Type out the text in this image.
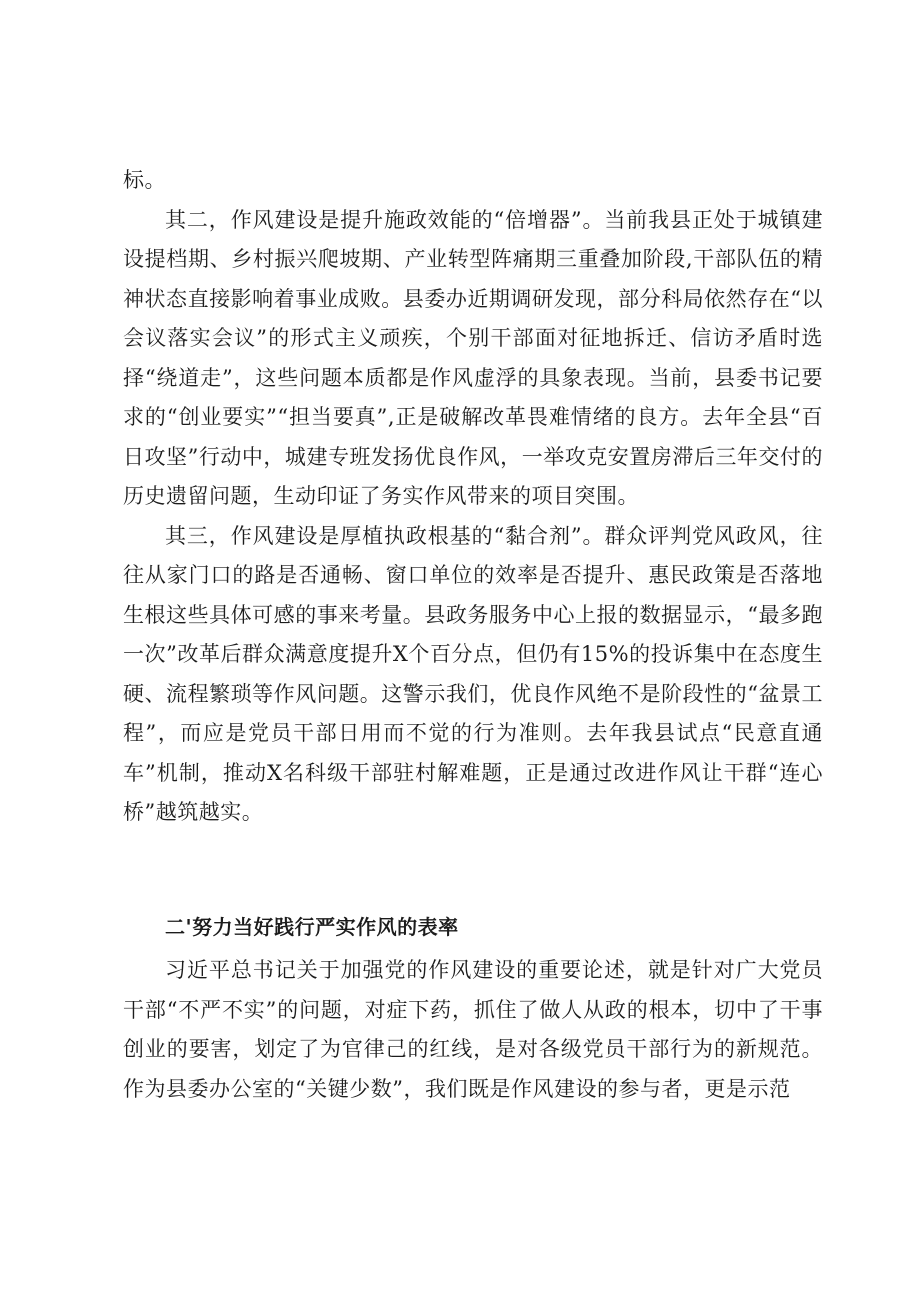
标。

其二，作风建设是提升施政效能的“倍增器”。当前我县正处于城镇建设提档期、乡村振兴爬坡期、产业转型阵痛期三重叠加阶段,干部队伍的精神状态直接影响着事业成败。县委办近期调研发现，部分科局依然存在“以会议落实会议”的形式主义顽疾，个别干部面对征地拆迁、信访矛盾时选择“绕道走”，这些问题本质都是作风虚浮的具象表现。当前，县委书记要求的“创业要实”“担当要真”,正是破解改革畏难情绪的良方。去年全县“百日攻坚”行动中，城建专班发扬优良作风，一举攻克安置房滞后三年交付的历史遗留问题，生动印证了务实作风带来的项目突围。

其三，作风建设是厚植执政根基的“黏合剂”。群众评判党风政风，往往从家门口的路是否通畅、窗口单位的效率是否提升、惠民政策是否落地生根这些具体可感的事来考量。县政务服务中心上报的数据显示，“最多跑一次”改革后群众满意度提升X个百分点，但仍有15%的投诉集中在态度生硬、流程繁琐等作风问题。这警示我们，优良作风绝不是阶段性的“盆景工程”，而应是党员干部日用而不觉的行为准则。去年我县试点“民意直通车”机制，推动X名科级干部驻村解难题，正是通过改进作风让干群“连心桥”越筑越实。

二'努力当好践行严实作风的表率

习近平总书记关于加强党的作风建设的重要论述，就是针对广大党员干部“不严不实”的问题，对症下药，抓住了做人从政的根本，切中了干事创业的要害，划定了为官律己的红线，是对各级党员干部行为的新规范。作为县委办公室的“关键少数”，我们既是作风建设的参与者，更是示范
